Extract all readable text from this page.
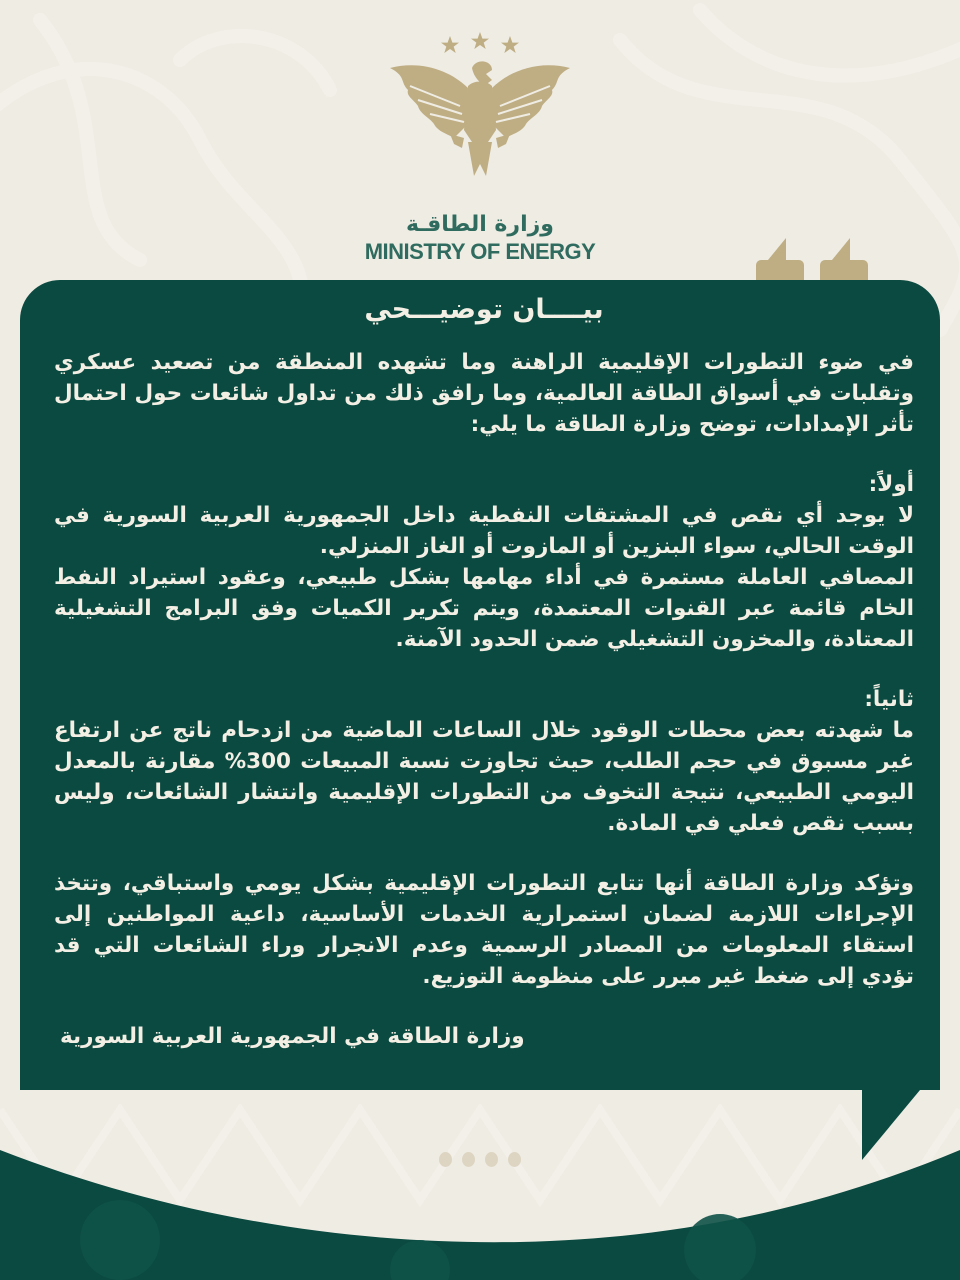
وزارة الطاقـة
MINISTRY OF ENERGY
بيــــان توضيـــحي

في ضوء التطورات الإقليمية الراهنة وما تشهده المنطقة من تصعيد عسكري وتقلبات في أسواق الطاقة العالمية، وما رافق ذلك من تداول شائعات حول احتمال تأثر الإمدادات، توضح وزارة الطاقة ما يلي:

أولاً:

لا يوجد أي نقص في المشتقات النفطية داخل الجمهورية العربية السورية في الوقت الحالي، سواء البنزين أو المازوت أو الغاز المنزلي.

المصافي العاملة مستمرة في أداء مهامها بشكل طبيعي، وعقود استيراد النفط الخام قائمة عبر القنوات المعتمدة، ويتم تكرير الكميات وفق البرامج التشغيلية المعتادة، والمخزون التشغيلي ضمن الحدود الآمنة.

ثانياً:

ما شهدته بعض محطات الوقود خلال الساعات الماضية من ازدحام ناتج عن ارتفاع غير مسبوق في حجم الطلب، حيث تجاوزت نسبة المبيعات 300% مقارنة بالمعدل اليومي الطبيعي، نتيجة التخوف من التطورات الإقليمية وانتشار الشائعات، وليس بسبب نقص فعلي في المادة.

وتؤكد وزارة الطاقة أنها تتابع التطورات الإقليمية بشكل يومي واستباقي، وتتخذ الإجراءات اللازمة لضمان استمرارية الخدمات الأساسية، داعية المواطنين إلى استقاء المعلومات من المصادر الرسمية وعدم الانجرار وراء الشائعات التي قد تؤدي إلى ضغط غير مبرر على منظومة التوزيع.

وزارة الطاقة في الجمهورية العربية السورية
